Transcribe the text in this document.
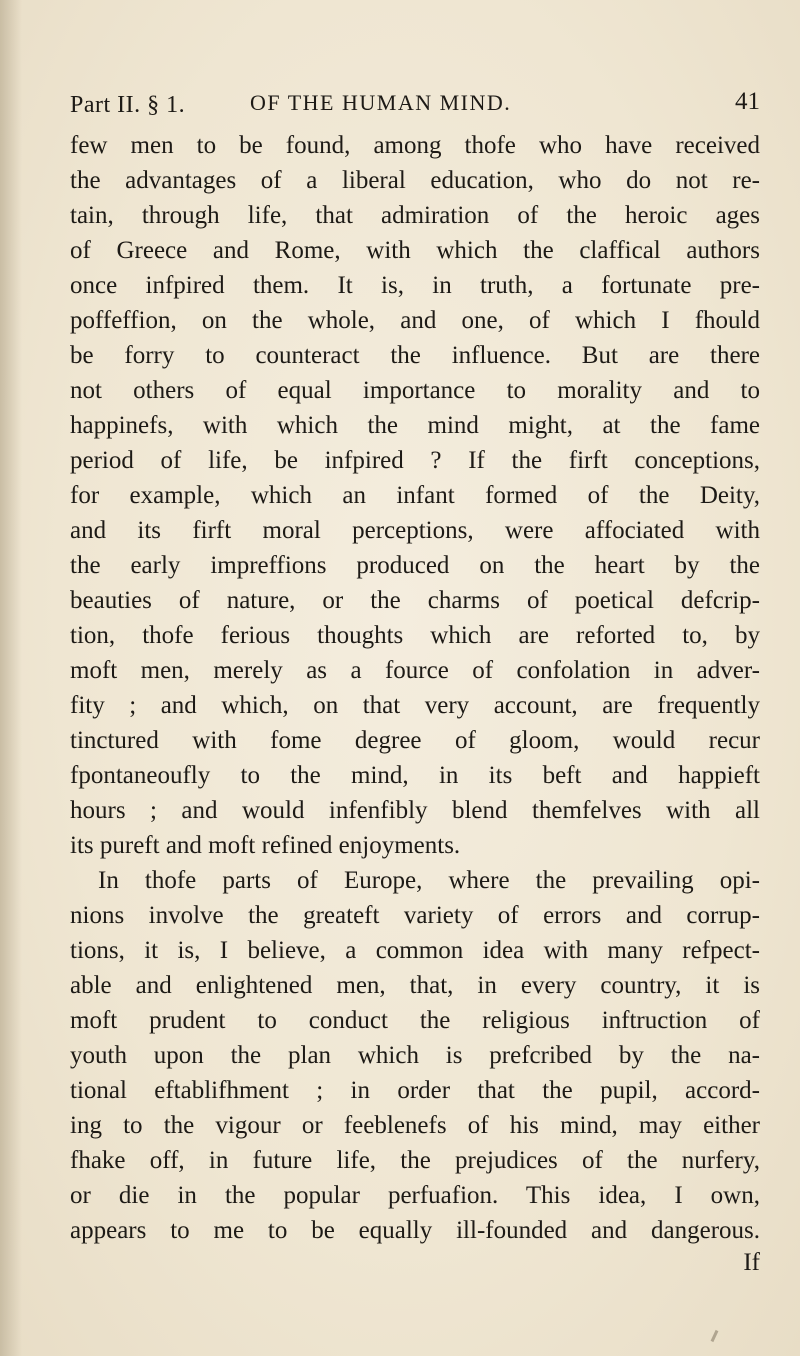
Part II. § 1.	OF THE HUMAN MIND.	41
few men to be found, among thofe who have received
the advantages of a liberal education, who do not re-
tain, through life, that admiration of the heroic ages
of Greece and Rome, with which the claffical authors
once infpired them. It is, in truth, a fortunate pre-
poffeffion, on the whole, and one, of which I fhould
be forry to counteract the influence. But are there
not others of equal importance to morality and to
happinefs, with which the mind might, at the fame
period of life, be infpired ? If the firft conceptions,
for example, which an infant formed of the Deity,
and its firft moral perceptions, were affociated with
the early impreffions produced on the heart by the
beauties of nature, or the charms of poetical defcrip-
tion, thofe ferious thoughts which are reforted to, by
moft men, merely as a fource of confolation in adver-
fity ; and which, on that very account, are frequently
tinctured with fome degree of gloom, would recur
fpontaneoufly to the mind, in its beft and happieft
hours ; and would infenfibly blend themfelves with all
its pureft and moft refined enjoyments.
In thofe parts of Europe, where the prevailing opi-
nions involve the greateft variety of errors and corrup-
tions, it is, I believe, a common idea with many refpect-
able and enlightened men, that, in every country, it is
moft prudent to conduct the religious inftruction of
youth upon the plan which is prefcribed by the na-
tional eftablifhment ; in order that the pupil, accord-
ing to the vigour or feeblenefs of his mind, may either
fhake off, in future life, the prejudices of the nurfery,
or die in the popular perfuafion. This idea, I own,
appears to me to be equally ill-founded and dangerous.
If
